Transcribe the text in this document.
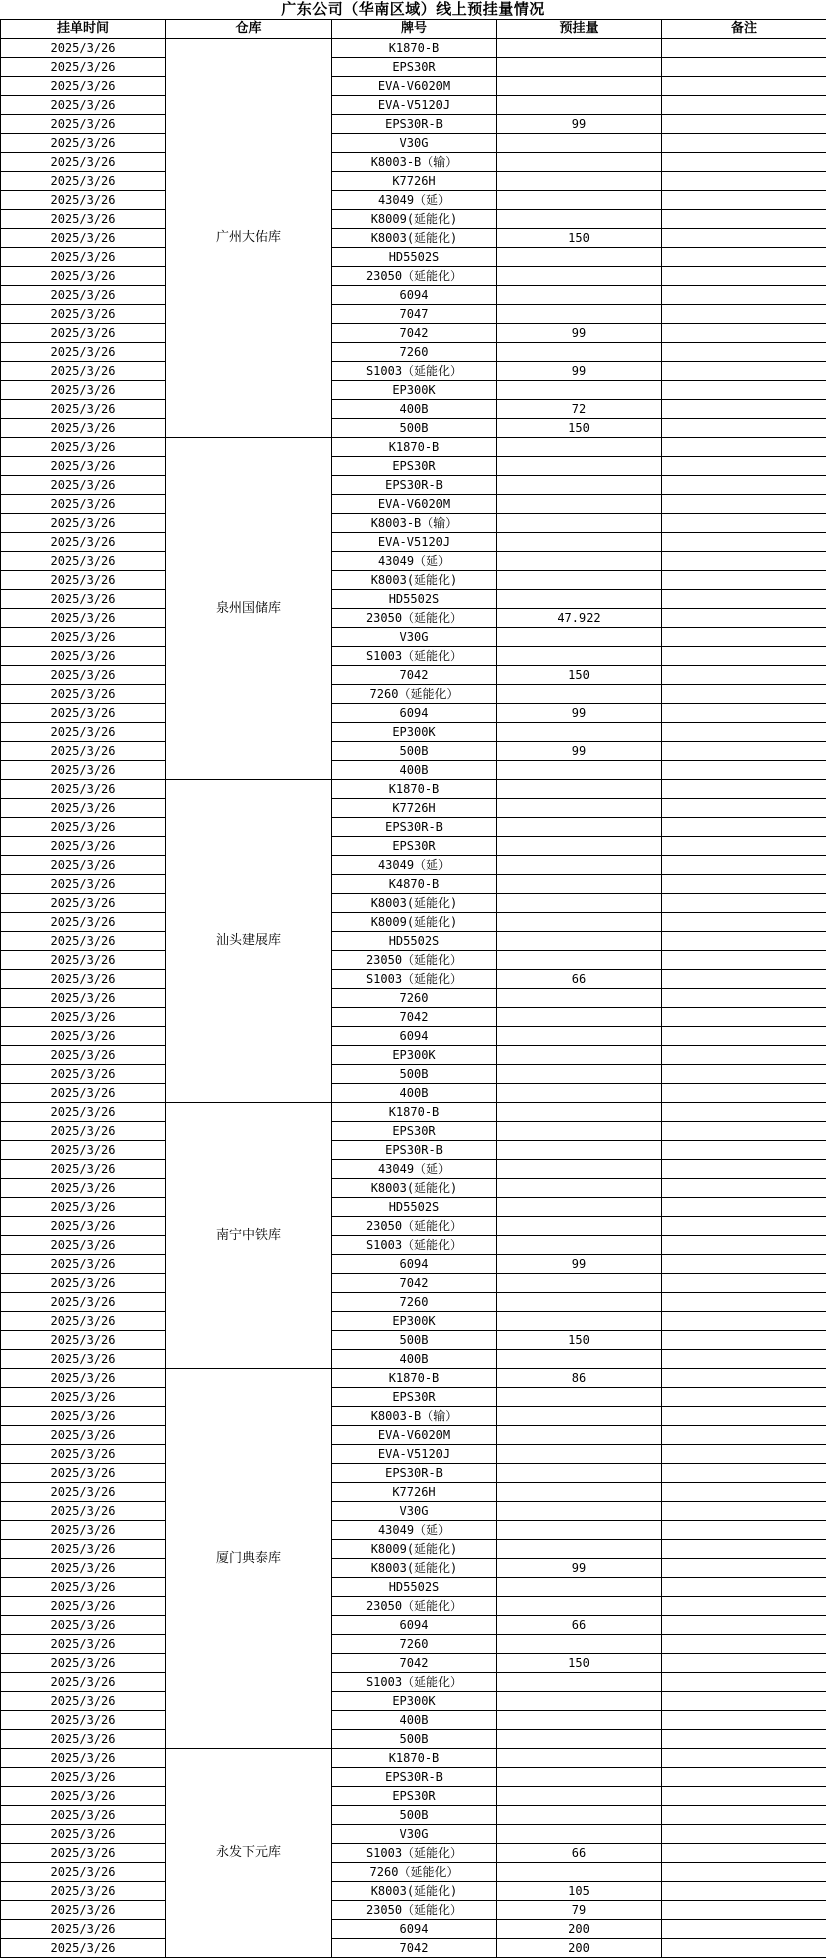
广东公司（华南区域）线上预挂量情况
挂单时间	仓库	牌号	预挂量	备注
2025/3/26	广州大佑库	K1870-B		
2025/3/26		EPS30R		
2025/3/26		EVA-V6020M		
2025/3/26		EVA-V5120J		
2025/3/26		EPS30R-B	99	
2025/3/26		V30G		
2025/3/26		K8003-B（输）		
2025/3/26		K7726H		
2025/3/26		43049（延）		
2025/3/26		K8009(延能化)		
2025/3/26		K8003(延能化)	150	
2025/3/26		HD5502S		
2025/3/26		23050（延能化）		
2025/3/26		6094		
2025/3/26		7047		
2025/3/26		7042	99	
2025/3/26		7260		
2025/3/26		S1003（延能化）	99	
2025/3/26		EP300K		
2025/3/26		400B	72	
2025/3/26		500B	150	
2025/3/26	泉州国储库	K1870-B		
2025/3/26		EPS30R		
2025/3/26		EPS30R-B		
2025/3/26		EVA-V6020M		
2025/3/26		K8003-B（输）		
2025/3/26		EVA-V5120J		
2025/3/26		43049（延）		
2025/3/26		K8003(延能化)		
2025/3/26		HD5502S		
2025/3/26		23050（延能化）	47.922	
2025/3/26		V30G		
2025/3/26		S1003（延能化）		
2025/3/26		7042	150	
2025/3/26		7260（延能化）		
2025/3/26		6094	99	
2025/3/26		EP300K		
2025/3/26		500B	99	
2025/3/26		400B		
2025/3/26	汕头建展库	K1870-B		
2025/3/26		K7726H		
2025/3/26		EPS30R-B		
2025/3/26		EPS30R		
2025/3/26		43049（延）		
2025/3/26		K4870-B		
2025/3/26		K8003(延能化)		
2025/3/26		K8009(延能化)		
2025/3/26		HD5502S		
2025/3/26		23050（延能化）		
2025/3/26		S1003（延能化）	66	
2025/3/26		7260		
2025/3/26		7042		
2025/3/26		6094		
2025/3/26		EP300K		
2025/3/26		500B		
2025/3/26		400B		
2025/3/26	南宁中铁库	K1870-B		
2025/3/26		EPS30R		
2025/3/26		EPS30R-B		
2025/3/26		43049（延）		
2025/3/26		K8003(延能化)		
2025/3/26		HD5502S		
2025/3/26		23050（延能化）		
2025/3/26		S1003（延能化）		
2025/3/26		6094	99	
2025/3/26		7042		
2025/3/26		7260		
2025/3/26		EP300K		
2025/3/26		500B	150	
2025/3/26		400B		
2025/3/26	厦门典泰库	K1870-B	86	
2025/3/26		EPS30R		
2025/3/26		K8003-B（输）		
2025/3/26		EVA-V6020M		
2025/3/26		EVA-V5120J		
2025/3/26		EPS30R-B		
2025/3/26		K7726H		
2025/3/26		V30G		
2025/3/26		43049（延）		
2025/3/26		K8009(延能化)		
2025/3/26		K8003(延能化)	99	
2025/3/26		HD5502S		
2025/3/26		23050（延能化）		
2025/3/26		6094	66	
2025/3/26		7260		
2025/3/26		7042	150	
2025/3/26		S1003（延能化）		
2025/3/26		EP300K		
2025/3/26		400B		
2025/3/26		500B		
2025/3/26	永发下元库	K1870-B		
2025/3/26		EPS30R-B		
2025/3/26		EPS30R		
2025/3/26		500B		
2025/3/26		V30G		
2025/3/26		S1003（延能化）	66	
2025/3/26		7260（延能化）		
2025/3/26		K8003(延能化)	105	
2025/3/26		23050（延能化）	79	
2025/3/26		6094	200	
2025/3/26		7042	200	
